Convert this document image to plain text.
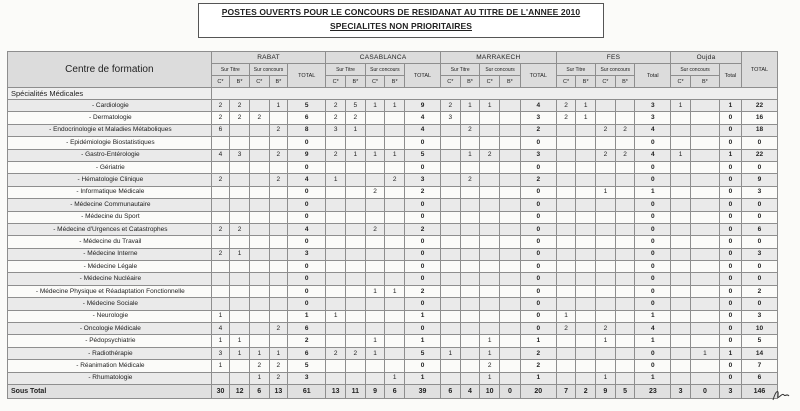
POSTES OUVERTS POUR LE CONCOURS DE RESIDANAT AU TITRE DE L'ANNEE 2010
SPECIALITES NON PRIORITAIRES
Centre de formation	RABAT					CASABLANCA					MARRAKECH					FES					Oujda			TOTAL
	Sur Titre		Sur concours		TOTAL	Sur Titre		Sur concours		TOTAL	Sur Titre		Sur concours		TOTAL	Sur Titre		Sur concours		Total	Sur concours		Total	
	C*	B*	C*	B*		C*	B*	C*	B*		C*	B*	C*	B*		C*	B*	C*	B*		C*	B*		
Spécialités Médicales																								
- Cardiologie	2	2		1	5	2	5	1	1	9	2	1	1		4	2	1			3	1		1	22
- Dermatologie	2	2	2		6	2	2			4	3				3	2	1			3			0	16
- Endocrinologie et Maladies Métaboliques	6			2	8	3	1			4		2			2			2	2	4			0	18
- Epidémiologie Biostatistiques					0					0					0					0			0	0
- Gastro-Entérologie	4	3		2	9	2	1	1	1	5		1	2		3			2	2	4	1		1	22
- Gériatrie					0					0					0					0			0	0
- Hématologie Clinique	2			2	4	1			2	3		2			2					0			0	9
- Informatique Médicale					0			2		2					0			1		1			0	3
- Médecine Communautaire					0					0					0					0			0	0
- Médecine du Sport					0					0					0					0			0	0
- Médecine d'Urgences et Catastrophes	2	2			4			2		2					0					0			0	6
- Médecine du Travail					0					0					0					0			0	0
- Médecine Interne	2	1			3					0					0					0			0	3
- Médecine Légale					0					0					0					0			0	0
- Médecine Nucléaire					0					0					0					0			0	0
- Médecine Physique et Réadaptation Fonctionnelle					0			1	1	2					0					0			0	2
- Médecine Sociale					0					0					0					0			0	0
- Neurologie	1				1	1				1					0	1				1			0	3
- Oncologie Médicale	4			2	6					0					0	2		2		4			0	10
- Pédopsychiatrie	1	1			2			1		1			1		1			1		1			0	5
- Radiothérapie	3	1	1	1	6	2	2	1		5	1		1		2					0		1	1	14
- Réanimation Médicale	1		2	2	5					0			2		2					0			0	7
- Rhumatologie			1	2	3				1	1			1		1			1		1			0	6
Sous Total	30	12	6	13	61	13	11	9	6	39	6	4	10	0	20	7	2	9	5	23	3	0	3	146
